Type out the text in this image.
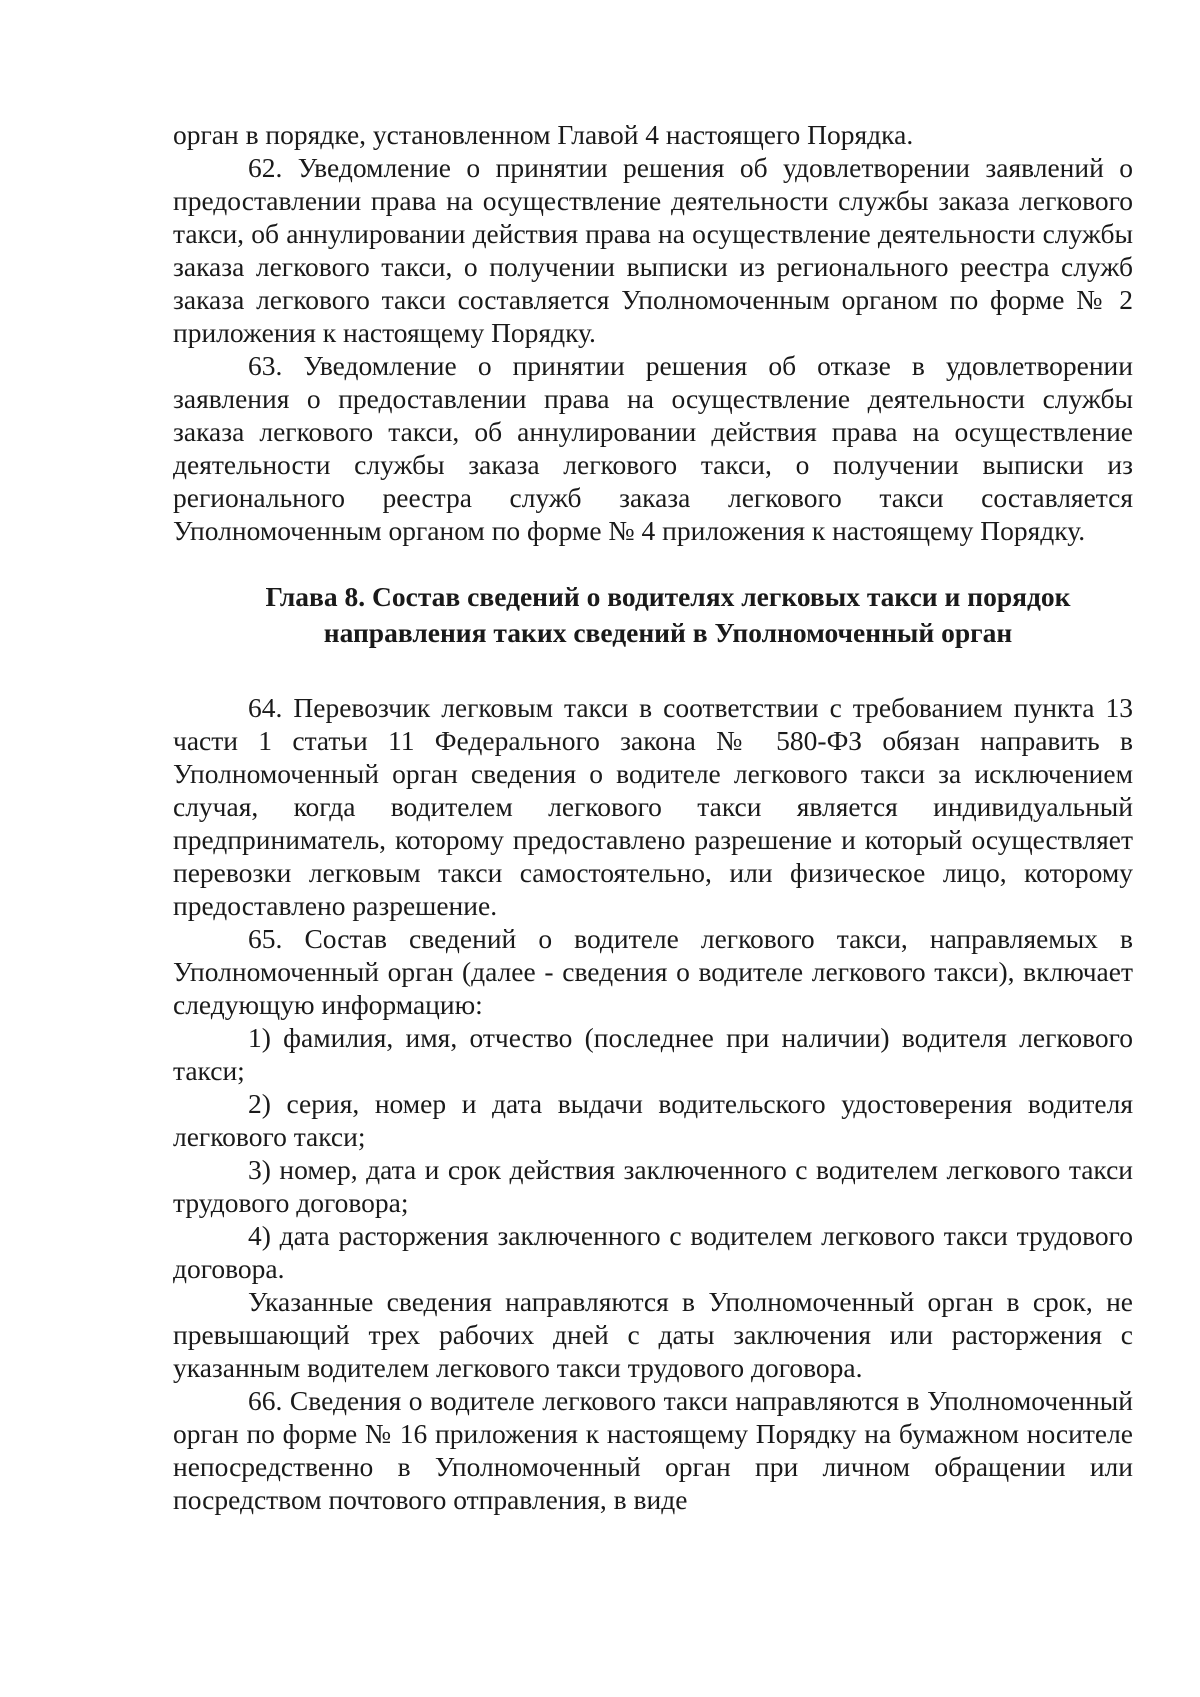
орган в порядке, установленном Главой 4 настоящего Порядка.

62. Уведомление о принятии решения об удовлетворении заявлений о предоставлении права на осуществление деятельности службы заказа легкового такси, об аннулировании действия права на осуществление деятельности службы заказа легкового такси, о получении выписки из регионального реестра служб заказа легкового такси составляется Уполномоченным органом по форме № 2 приложения к настоящему Порядку.

63. Уведомление о принятии решения об отказе в удовлетворении заявления о предоставлении права на осуществление деятельности службы заказа легкового такси, об аннулировании действия права на осуществление деятельности службы заказа легкового такси, о получении выписки из регионального реестра служб заказа легкового такси составляется Уполномоченным органом по форме № 4 приложения к настоящему Порядку.

Глава 8. Состав сведений о водителях легковых такси и порядок
направления таких сведений в Уполномоченный орган

64. Перевозчик легковым такси в соответствии с требованием пункта 13 части 1 статьи 11 Федерального закона № 580-ФЗ обязан направить в Уполномоченный орган сведения о водителе легкового такси за исключением случая, когда водителем легкового такси является индивидуальный предприниматель, которому предоставлено разрешение и который осуществляет перевозки легковым такси самостоятельно, или физическое лицо, которому предоставлено разрешение.

65. Состав сведений о водителе легкового такси, направляемых в Уполномоченный орган (далее - сведения о водителе легкового такси), включает следующую информацию:

1) фамилия, имя, отчество (последнее при наличии) водителя легкового такси;

2) серия, номер и дата выдачи водительского удостоверения водителя легкового такси;

3) номер, дата и срок действия заключенного с водителем легкового такси трудового договора;

4) дата расторжения заключенного с водителем легкового такси трудового договора.

Указанные сведения направляются в Уполномоченный орган в срок, не превышающий трех рабочих дней с даты заключения или расторжения с указанным водителем легкового такси трудового договора.

66. Сведения о водителе легкового такси направляются в Уполномоченный орган по форме № 16 приложения к настоящему Порядку на бумажном носителе непосредственно в Уполномоченный орган при личном обращении или посредством почтового отправления, в виде
